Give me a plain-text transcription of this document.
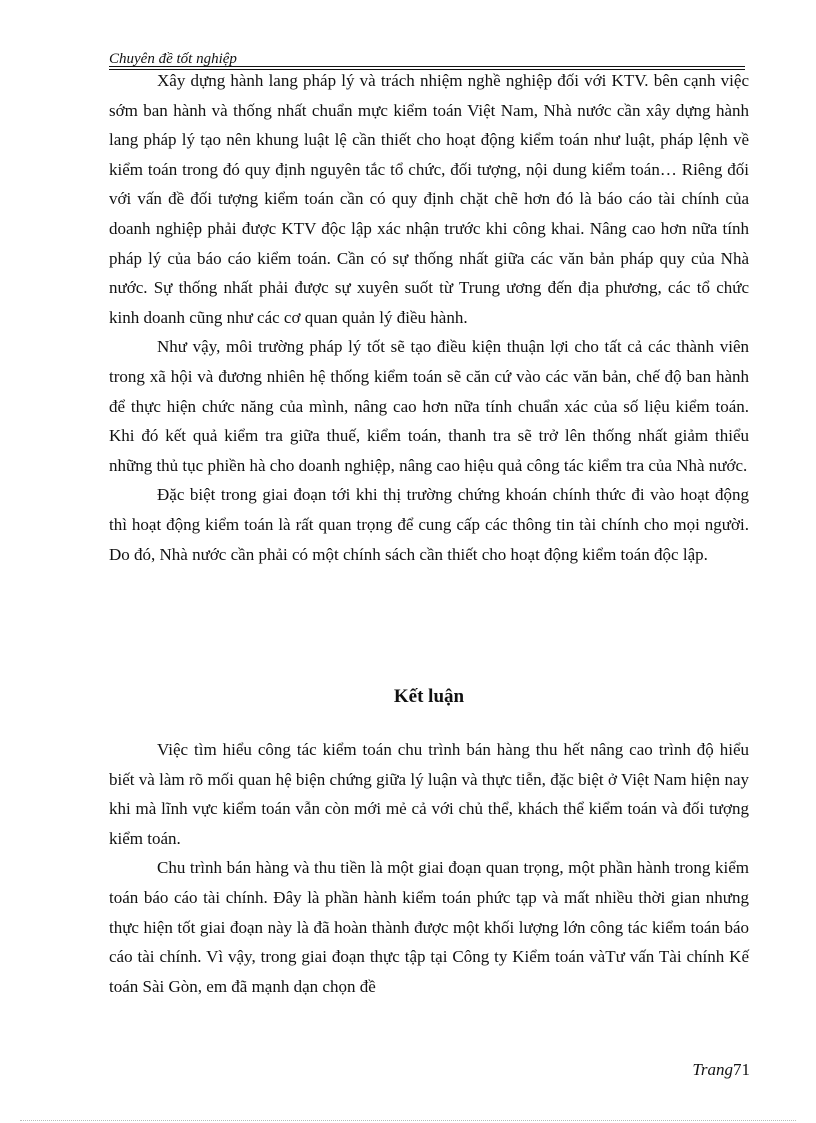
Chuyên đề tốt nghiệp

Xây dựng hành lang pháp lý và trách nhiệm nghề nghiệp đối với KTV. bên cạnh việc sớm ban hành và thống nhất chuẩn mực kiểm toán Việt Nam, Nhà nước cần xây dựng hành lang pháp lý tạo nên khung luật lệ cần thiết cho hoạt động kiểm toán như luật, pháp lệnh về kiểm toán trong đó quy định nguyên tắc tổ chức, đối tượng, nội dung kiểm toán… Riêng đối với vấn đề đối tượng kiểm toán cần có quy định chặt chẽ hơn đó là báo cáo tài chính của doanh nghiệp phải được KTV độc lập xác nhận trước khi công khai. Nâng cao hơn nữa tính pháp lý của báo cáo kiểm toán. Cần có sự thống nhất giữa các văn bản pháp quy của Nhà nước. Sự thống nhất phải được sự xuyên suốt từ Trung ương đến địa phương, các tổ chức kinh doanh cũng như các cơ quan quản lý điều hành.

Như vậy, môi trường pháp lý tốt sẽ tạo điều kiện thuận lợi cho tất cả các thành viên trong xã hội và đương nhiên hệ thống kiểm toán sẽ căn cứ vào các văn bản, chế độ ban hành để thực hiện chức năng của mình, nâng cao hơn nữa tính chuẩn xác của số liệu kiểm toán. Khi đó kết quả kiểm tra giữa thuế, kiểm toán, thanh tra sẽ trở lên thống nhất giảm thiểu những thủ tục phiền hà cho doanh nghiệp, nâng cao hiệu quả công tác kiểm tra của Nhà nước.

Đặc biệt trong giai đoạn tới khi thị trường chứng khoán chính thức đi vào hoạt động thì hoạt động kiểm toán là rất quan trọng để cung cấp các thông tin tài chính cho mọi người. Do đó, Nhà nước cần phải có một chính sách cần thiết cho hoạt động kiểm toán độc lập.

Kết luận

Việc tìm hiểu công tác kiểm toán chu trình bán hàng thu hết nâng cao trình độ hiểu biết và làm rõ mối quan hệ biện chứng giữa lý luận và thực tiễn, đặc biệt ở Việt Nam hiện nay khi mà lĩnh vực kiểm toán vẫn còn mới mẻ cả với chủ thể, khách thể kiểm toán và đối tượng kiểm toán.

Chu trình bán hàng và thu tiền là một giai đoạn quan trọng, một phần hành trong kiểm toán báo cáo tài chính. Đây là phần hành kiểm toán phức tạp và mất nhiều thời gian nhưng thực hiện tốt giai đoạn này là đã hoàn thành được một khối lượng lớn công tác kiểm toán báo cáo tài chính. Vì vậy, trong giai đoạn thực tập tại Công ty Kiểm toán vàTư vấn Tài chính Kế toán Sài Gòn, em đã mạnh dạn chọn đề

Trang71
